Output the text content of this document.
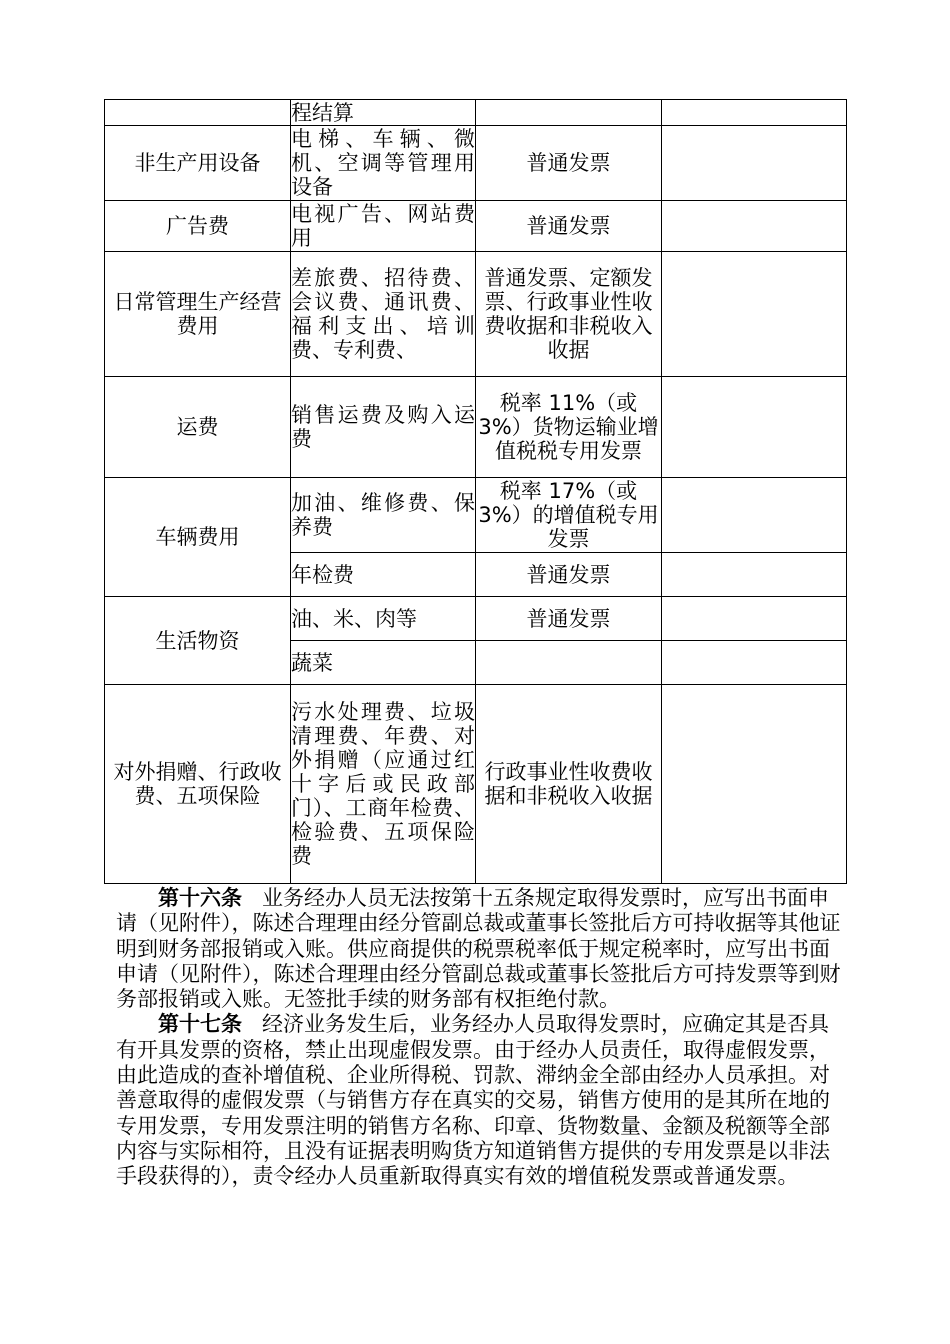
	程结算		
非生产用设备	电梯、车辆、微机、空调等管理用设备	普通发票	
广告费	电视广告、网站费用	普通发票	
日常管理生产经营费用	差旅费、招待费、会议费、通讯费、福利支出、培训费、专利费、	普通发票、定额发票、行政事业性收费收据和非税收入收据	
运费	销售运费及购入运费	税率 11%（或 3%）货物运输业增值税税专用发票	
车辆费用	加油、维修费、保养费	税率 17%（或 3%）的增值税专用发票	
	年检费	普通发票	
生活物资	油、米、肉等	普通发票	
	蔬菜		
对外捐赠、行政收费、五项保险	污水处理费、垃圾清理费、年费、对外捐赠（应通过红十字后或民政部门）、工商年检费、检验费、五项保险费	行政事业性收费收据和非税收入收据	

第十六条 业务经办人员无法按第十五条规定取得发票时，应写出书面申请（见附件），陈述合理理由经分管副总裁或董事长签批后方可持收据等其他证明到财务部报销或入账。供应商提供的税票税率低于规定税率时，应写出书面申请（见附件），陈述合理理由经分管副总裁或董事长签批后方可持发票等到财务部报销或入账。无签批手续的财务部有权拒绝付款。

第十七条 经济业务发生后，业务经办人员取得发票时，应确定其是否具有开具发票的资格，禁止出现虚假发票。由于经办人员责任，取得虚假发票，由此造成的查补增值税、企业所得税、罚款、滞纳金全部由经办人员承担。对善意取得的虚假发票（与销售方存在真实的交易，销售方使用的是其所在地的专用发票，专用发票注明的销售方名称、印章、货物数量、金额及税额等全部内容与实际相符，且没有证据表明购货方知道销售方提供的专用发票是以非法手段获得的），责令经办人员重新取得真实有效的增值税发票或普通发票。
